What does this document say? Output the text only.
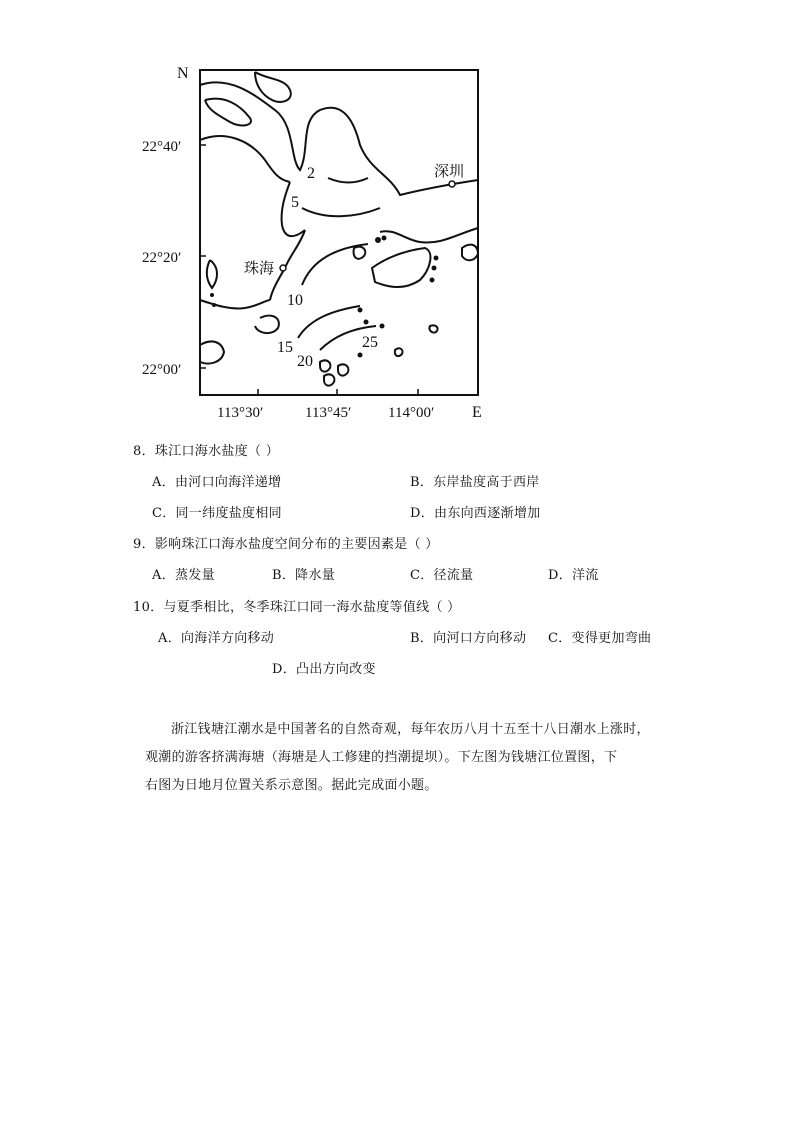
N
E
22°40′
22°20′
22°00′
113°30′	113°45′ 114°00′
深圳
珠海
2
5
10
15
20
25
8．珠江口海水盐度（ ）
A．由河口向海洋递增	B．东岸盐度高于西岸
C．同一纬度盐度相同	D．由东向西逐渐增加
9．影响珠江口海水盐度空间分布的主要因素是（ ）
A．蒸发量	B．降水量	C．径流量	D．洋流
10．与夏季相比，冬季珠江口同一海水盐度等值线（ ）
A．向海洋方向移动	B．向河口方向移动 C．变得更加弯曲
D．凸出方向改变
浙江钱塘江潮水是中国著名的自然奇观，每年农历八月十五至十八日潮水上涨时，
观潮的游客挤满海塘（海塘是人工修建的挡潮提坝）。下左图为钱塘江位置图，下
右图为日地月位置关系示意图。据此完成面小题。
